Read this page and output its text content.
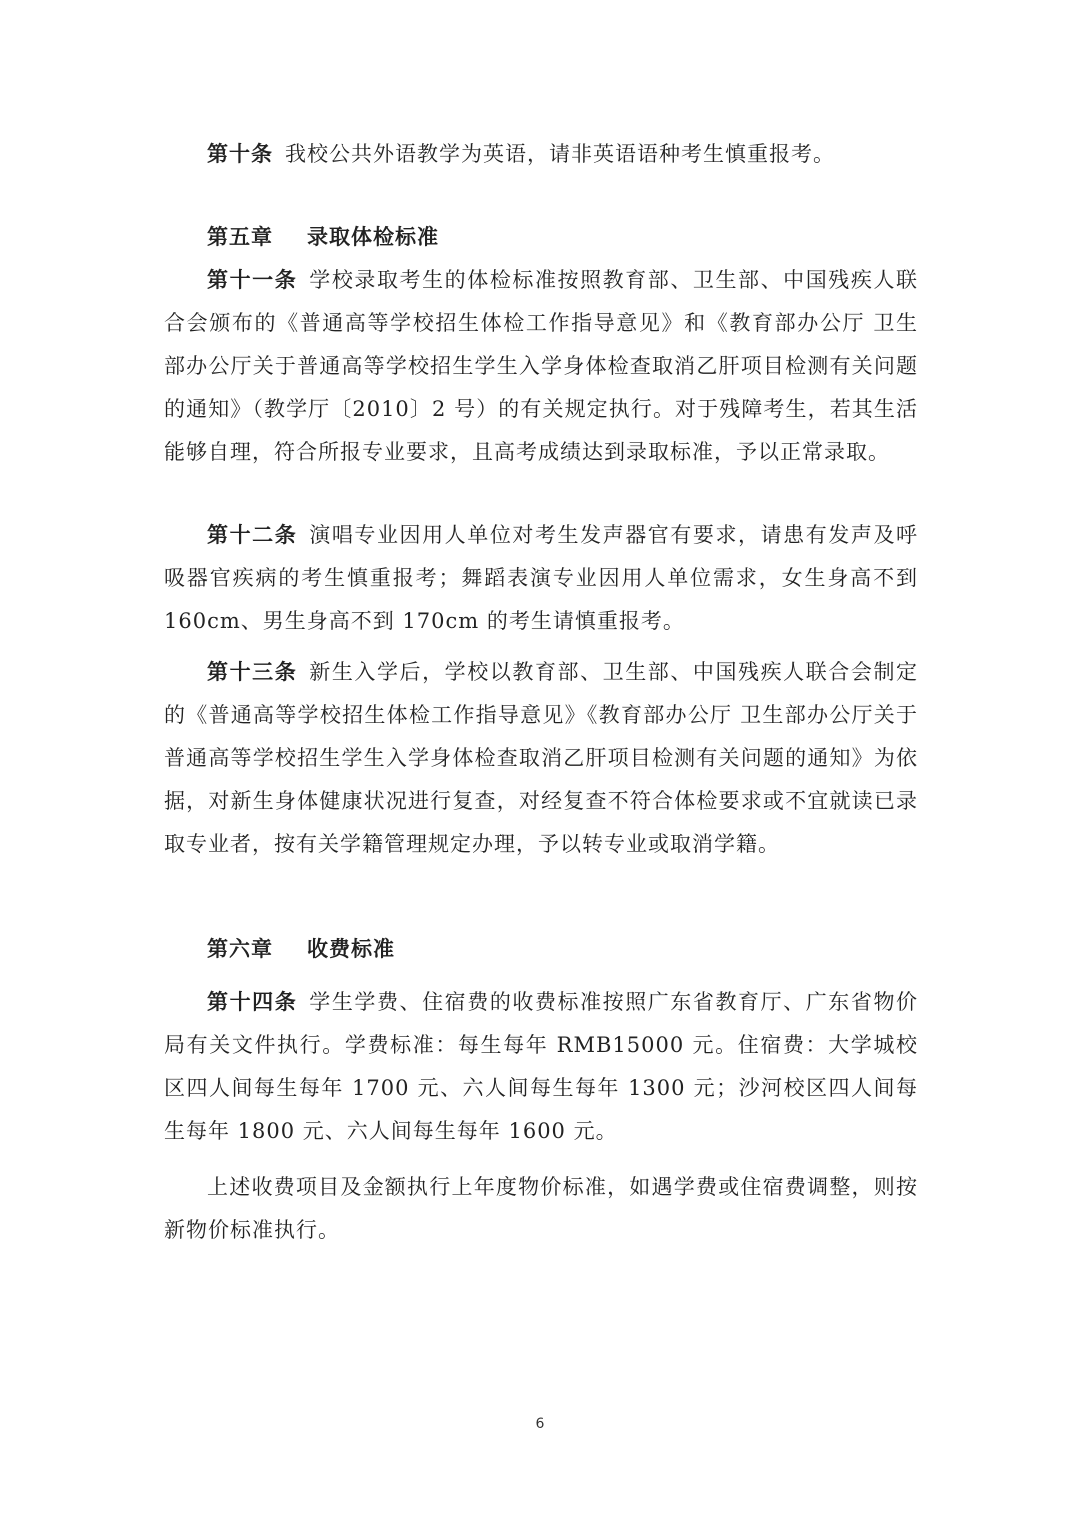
第十条 我校公共外语教学为英语，请非英语语种考生慎重报考。

第五章 录取体检标准

第十一条 学校录取考生的体检标准按照教育部、卫生部、中国残疾人联合会颁布的《普通高等学校招生体检工作指导意见》和《教育部办公厅 卫生部办公厅关于普通高等学校招生学生入学身体检查取消乙肝项目检测有关问题的通知》（教学厅〔2010〕2 号）的有关规定执行。对于残障考生，若其生活能够自理，符合所报专业要求，且高考成绩达到录取标准，予以正常录取。

第十二条 演唱专业因用人单位对考生发声器官有要求，请患有发声及呼吸器官疾病的考生慎重报考；舞蹈表演专业因用人单位需求，女生身高不到 160cm、男生身高不到 170cm 的考生请慎重报考。

第十三条 新生入学后，学校以教育部、卫生部、中国残疾人联合会制定的《普通高等学校招生体检工作指导意见》《教育部办公厅 卫生部办公厅关于普通高等学校招生学生入学身体检查取消乙肝项目检测有关问题的通知》为依据，对新生身体健康状况进行复查，对经复查不符合体检要求或不宜就读已录取专业者，按有关学籍管理规定办理，予以转专业或取消学籍。

第六章 收费标准

第十四条 学生学费、住宿费的收费标准按照广东省教育厅、广东省物价局有关文件执行。学费标准：每生每年 RMB15000 元。住宿费：大学城校区四人间每生每年 1700 元、六人间每生每年 1300 元；沙河校区四人间每生每年 1800 元、六人间每生每年 1600 元。

上述收费项目及金额执行上年度物价标准，如遇学费或住宿费调整，则按新物价标准执行。

6
